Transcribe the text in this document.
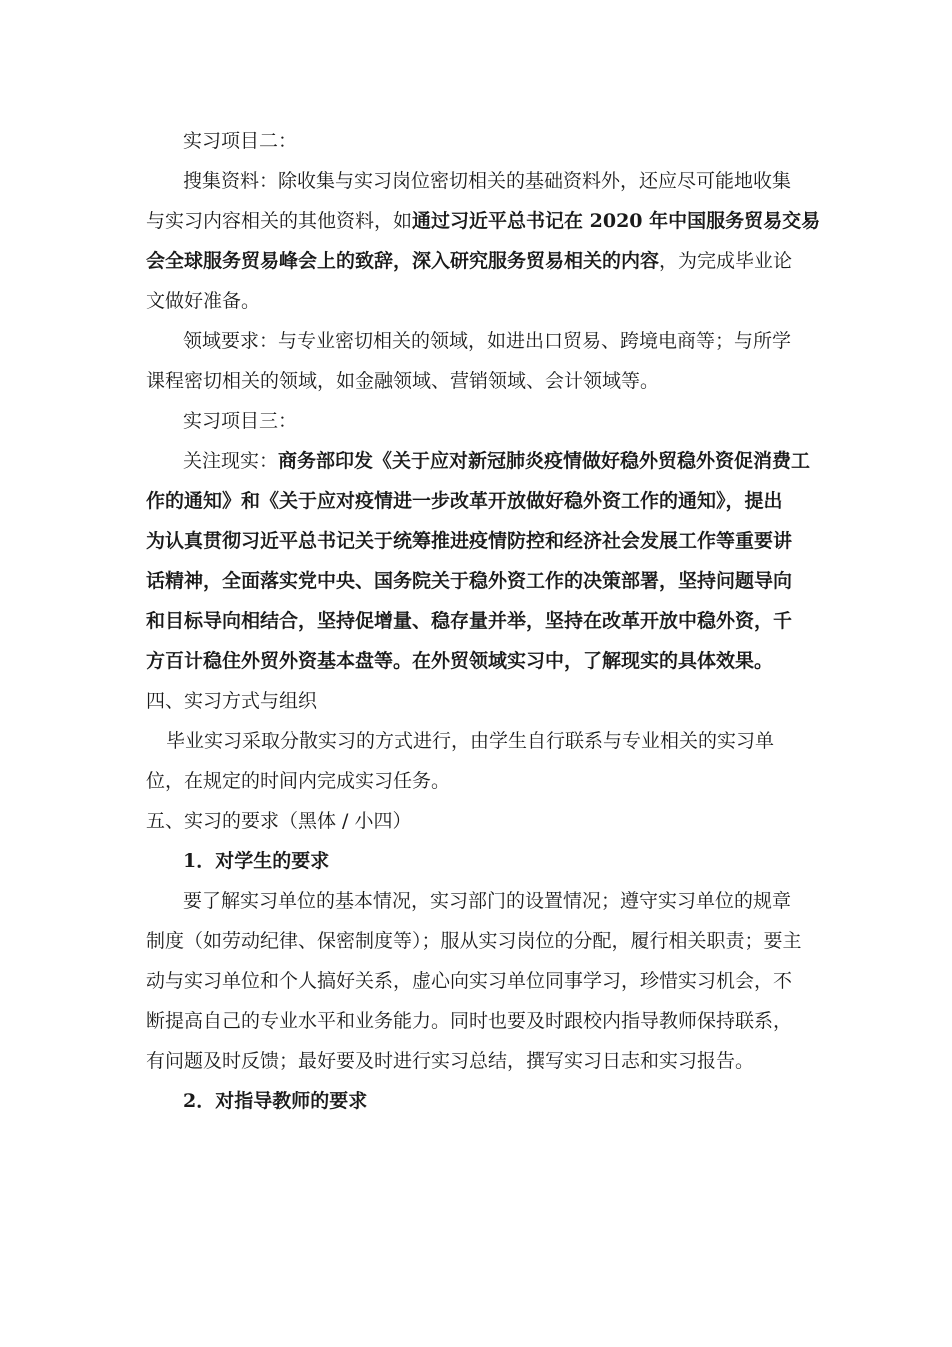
实习项目二：
搜集资料：除收集与实习岗位密切相关的基础资料外，还应尽可能地收集
与实习内容相关的其他资料，如通过习近平总书记在 2020 年中国服务贸易交易
会全球服务贸易峰会上的致辞，深入研究服务贸易相关的内容，为完成毕业论
文做好准备。
领域要求：与专业密切相关的领域，如进出口贸易、跨境电商等；与所学
课程密切相关的领域，如金融领域、营销领域、会计领域等。
实习项目三：
关注现实：商务部印发《关于应对新冠肺炎疫情做好稳外贸稳外资促消费工
作的通知》和《关于应对疫情进一步改革开放做好稳外资工作的通知》，提出
为认真贯彻习近平总书记关于统筹推进疫情防控和经济社会发展工作等重要讲
话精神，全面落实党中央、国务院关于稳外资工作的决策部署，坚持问题导向
和目标导向相结合，坚持促增量、稳存量并举，坚持在改革开放中稳外资，千
方百计稳住外贸外资基本盘等。在外贸领域实习中，了解现实的具体效果。
四、实习方式与组织
毕业实习采取分散实习的方式进行，由学生自行联系与专业相关的实习单
位，在规定的时间内完成实习任务。
五、实习的要求（黑体 / 小四）
1．对学生的要求
要了解实习单位的基本情况，实习部门的设置情况；遵守实习单位的规章
制度（如劳动纪律、保密制度等）；服从实习岗位的分配，履行相关职责；要主
动与实习单位和个人搞好关系，虚心向实习单位同事学习，珍惜实习机会，不
断提高自己的专业水平和业务能力。同时也要及时跟校内指导教师保持联系，
有问题及时反馈；最好要及时进行实习总结，撰写实习日志和实习报告。
2．对指导教师的要求
